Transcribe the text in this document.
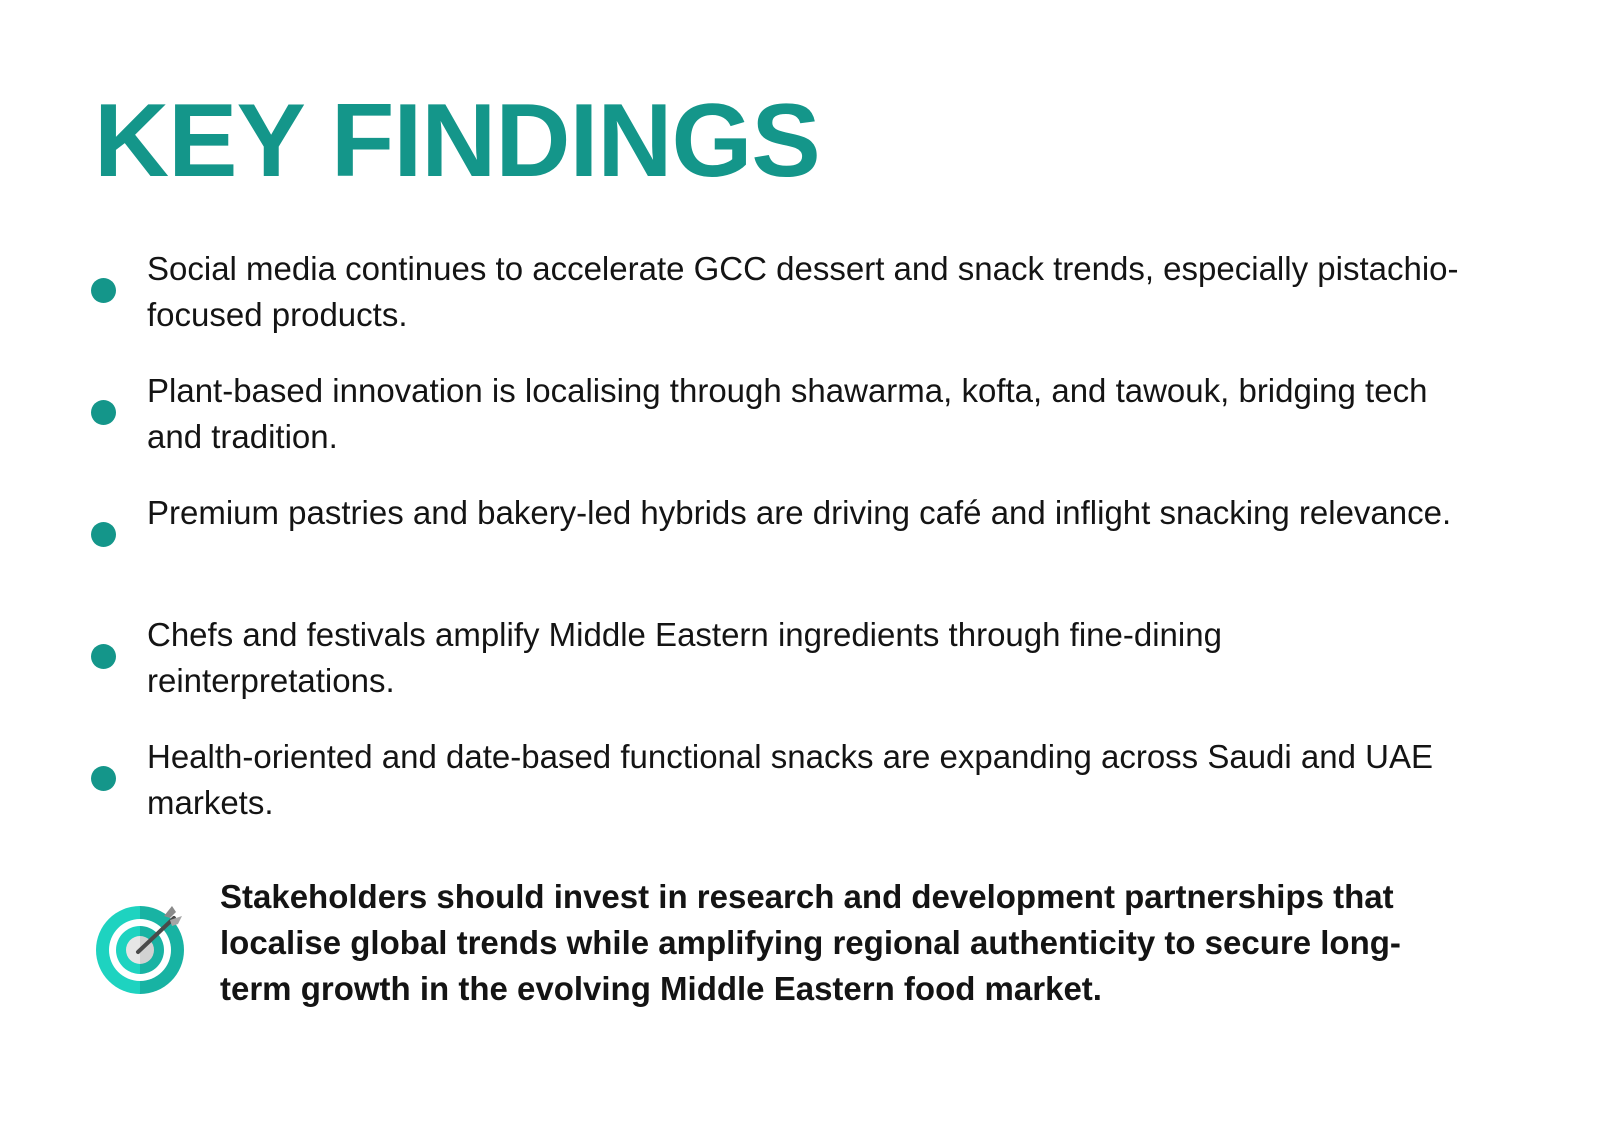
KEY FINDINGS

Social media continues to accelerate GCC dessert and snack trends, especially pistachio-focused products.

Plant-based innovation is localising through shawarma, kofta, and tawouk, bridging tech and tradition.

Premium pastries and bakery-led hybrids are driving café and inflight snacking relevance.

Chefs and festivals amplify Middle Eastern ingredients through fine-dining reinterpretations.

Health-oriented and date-based functional snacks are expanding across Saudi and UAE markets.

Stakeholders should invest in research and development partnerships that localise global trends while amplifying regional authenticity to secure long-term growth in the evolving Middle Eastern food market.
